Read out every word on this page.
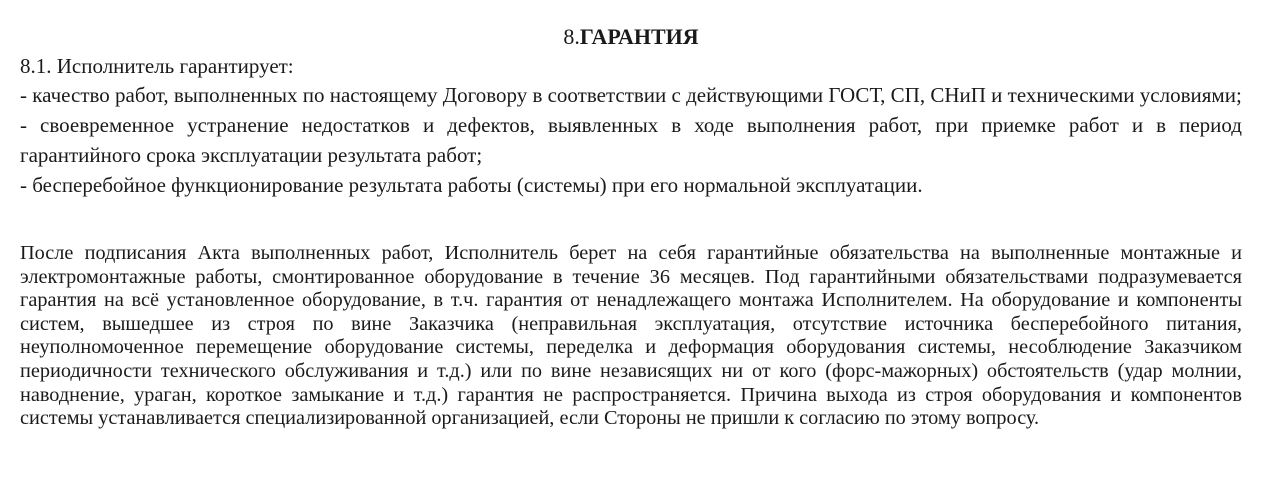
8.ГАРАНТИЯ

8.1. Исполнитель гарантирует:

- качество работ, выполненных по настоящему Договору в соответствии с действующими ГОСТ, СП, СНиП и техническими условиями;

- своевременное устранение недостатков и дефектов, выявленных в ходе выполнения работ, при приемке работ и в период гарантийного срока эксплуатации результата работ;

- бесперебойное функционирование результата работы (системы) при его нормальной эксплуатации.

После подписания Акта выполненных работ, Исполнитель берет на себя гарантийные обязательства на выполненные монтажные и электромонтажные работы, смонтированное оборудование в течение 36 месяцев. Под гарантийными обязательствами подразумевается гарантия на всё установленное оборудование, в т.ч. гарантия от ненадлежащего монтажа Исполнителем. На оборудование и компоненты систем, вышедшее из строя по вине Заказчика (неправильная эксплуатация, отсутствие источника бесперебойного питания, неуполномоченное перемещение оборудование системы, переделка и деформация оборудования системы, несоблюдение Заказчиком периодичности технического обслуживания и т.д.) или по вине независящих ни от кого (форс-мажорных) обстоятельств (удар молнии, наводнение, ураган, короткое замыкание и т.д.) гарантия не распространяется. Причина выхода из строя оборудования и компонентов системы устанавливается специализированной организацией, если Стороны не пришли к согласию по этому вопросу.
